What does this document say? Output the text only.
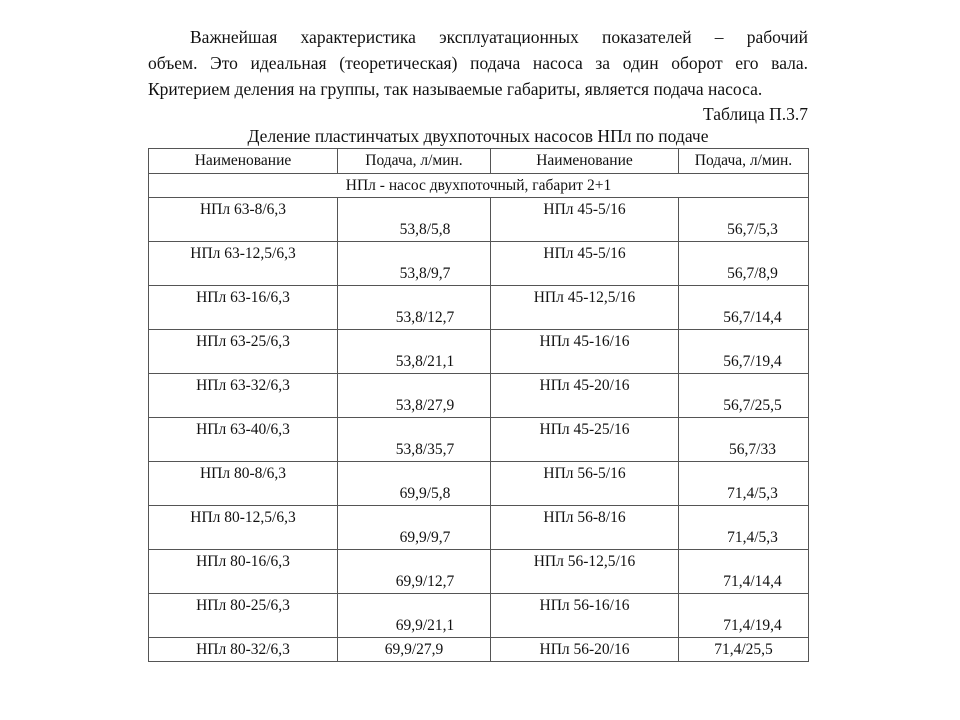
Важнейшая характеристика эксплуатационных показателей – рабочий
объем. Это идеальная (теоретическая) подача насоса за один оборот его вала.
Критерием деления на группы, так называемые габариты, является подача насоса.
Таблица П.3.7
Деление пластинчатых двухпоточных насосов НПл по подаче
Наименование	Подача, л/мин.	Наименование	Подача, л/мин.
НПл - насос двухпоточный, габарит 2+1			

НПл 63-8/6,3	53,8/5,8	НПл 45-5/16	56,7/5,3

НПл 63-12,5/6,3	53,8/9,7	НПл 45-5/16	56,7/8,9

НПл 63-16/6,3	53,8/12,7	НПл 45-12,5/16	56,7/14,4

НПл 63-25/6,3	53,8/21,1	НПл 45-16/16	56,7/19,4

НПл 63-32/6,3	53,8/27,9	НПл 45-20/16	56,7/25,5

НПл 63-40/6,3	53,8/35,7	НПл 45-25/16	56,7/33

НПл 80-8/6,3	69,9/5,8	НПл 56-5/16	71,4/5,3

НПл 80-12,5/6,3	69,9/9,7	НПл 56-8/16	71,4/5,3

НПл 80-16/6,3	69,9/12,7	НПл 56-12,5/16	71,4/14,4

НПл 80-25/6,3	69,9/21,1	НПл 56-16/16	71,4/19,4

НПл 80-32/6,3	69,9/27,9	НПл 56-20/16	71,4/25,5
